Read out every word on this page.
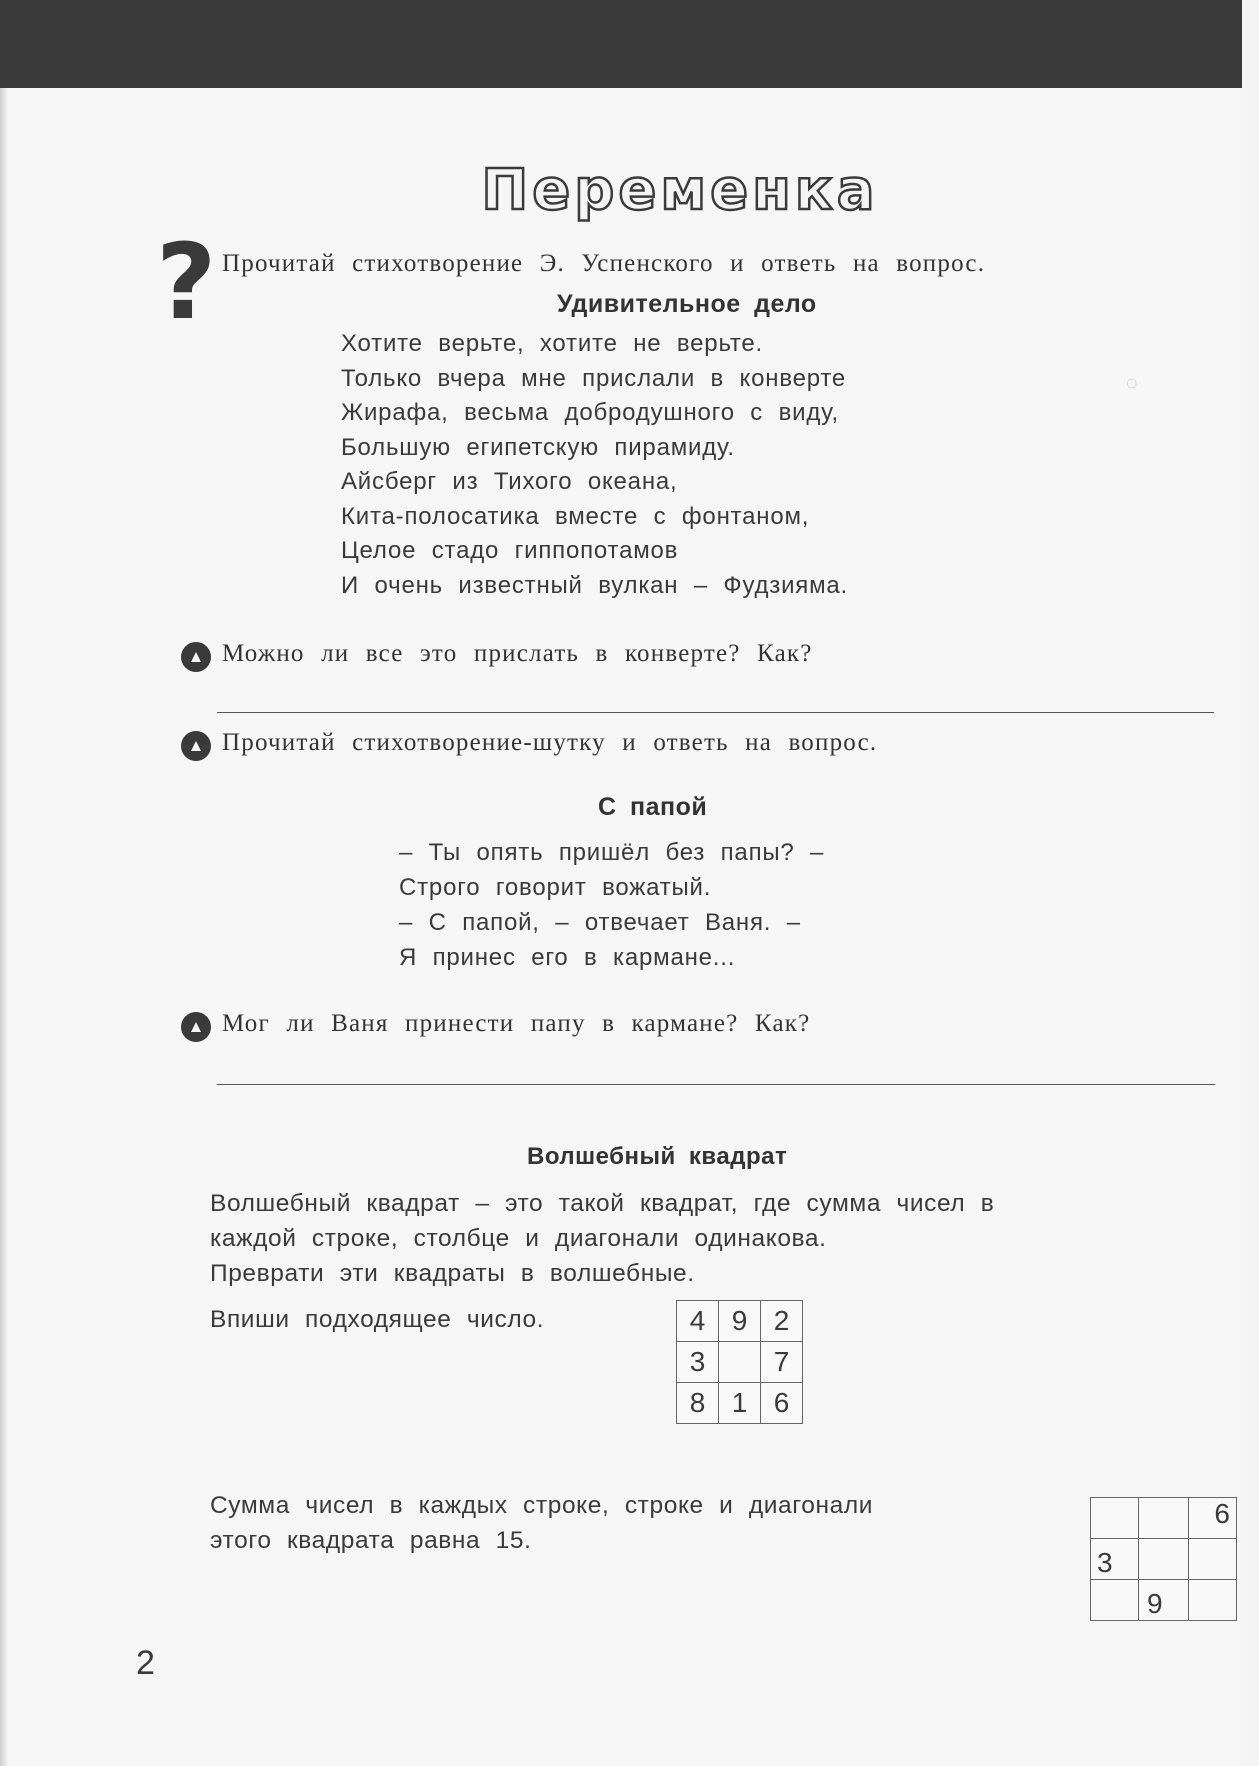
○
Переменка
? Прочитай стихотворение Э. Успенского и ответь на вопрос.
Удивительное дело
Хотите верьте, хотите не верьте.
Только вчера мне прислали в конверте
Жирафа, весьма добродушного с виду,
Большую египетскую пирамиду.
Айсберг из Тихого океана,
Кита-полосатика вместе с фонтаном,
Целое стадо гиппопотамов
И очень известный вулкан – Фудзияма.
Можно ли все это прислать в конверте? Как?
Прочитай стихотворение-шутку и ответь на вопрос.
С папой
– Ты опять пришёл без папы? –
Строго говорит вожатый.
– С папой, – отвечает Ваня. –
Я принес его в кармане...
Мог ли Ваня принести папу в кармане? Как?
Волшебный квадрат
Волшебный квадрат – это такой квадрат, где сумма чисел в
каждой строке, столбце и диагонали одинакова.
Преврати эти квадраты в волшебные.
Впиши подходящее число.	4	9	2
3		7
8	1	6
Сумма чисел в каждых строке, строке и диагонали
этого квадрата равна 15.
		6
3		
	9	
2
